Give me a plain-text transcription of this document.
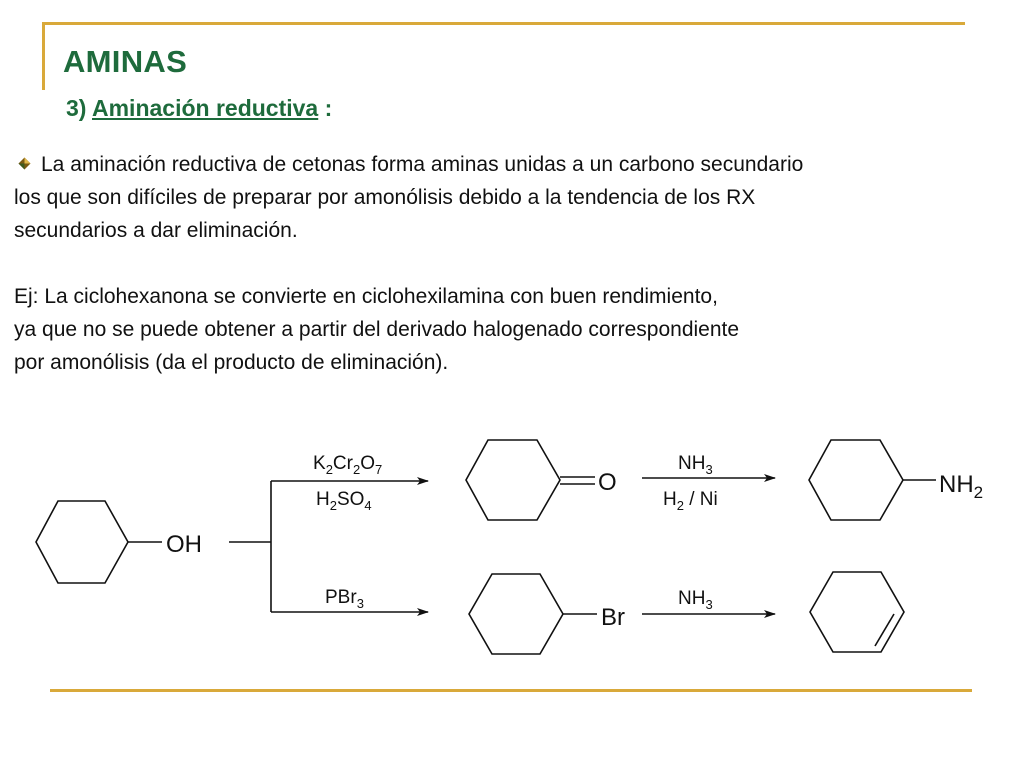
AMINAS
3) Aminación reductiva :

La aminación reductiva de cetonas forma aminas unidas a un carbono secundario

los que son difíciles de preparar por amonólisis debido a la tendencia de los RX

secundarios a dar eliminación.

Ej: La ciclohexanona se convierte en ciclohexilamina con buen rendimiento,

ya que no se puede obtener a partir del derivado halogenado correspondiente

por amonólisis (da el producto de eliminación).

OH
$K_2Cr_2O_7$
$H_2SO_4$
PBr$_3$
O
Br
$NH_3$
$H_2$ / Ni
$NH_3$
$NH_2$
